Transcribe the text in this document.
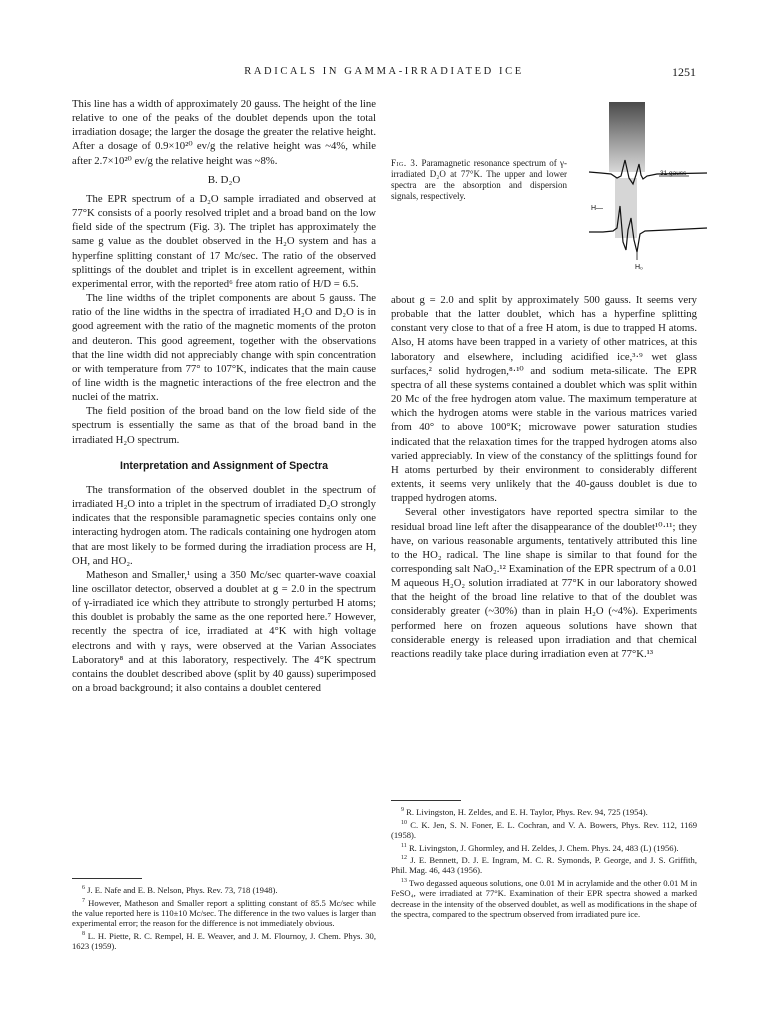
RADICALS IN GAMMA-IRRADIATED ICE	1251

This line has a width of approximately 20 gauss. The height of the line relative to one of the peaks of the doublet depends upon the total irradiation dosage; the larger the dosage the greater the relative height. After a dosage of 0.9×10²⁰ ev/g the relative height was ~4%, while after 2.7×10²⁰ ev/g the relative height was ~8%.

B. D₂O

The EPR spectrum of a D₂O sample irradiated and observed at 77°K consists of a poorly resolved triplet and a broad band on the low field side of the spectrum (Fig. 3). The triplet has approximately the same g value as the doublet observed in the H₂O system and has a hyperfine splitting constant of 17 Mc/sec. The ratio of the observed splittings of the doublet and triplet is in excellent agreement, within experimental error, with the reported⁶ free atom ratio of H/D = 6.5.

The line widths of the triplet components are about 5 gauss. The ratio of the line widths in the spectra of irradiated H₂O and D₂O is in good agreement with the ratio of the magnetic moments of the proton and deuteron. This good agreement, together with the observations that the line width did not appreciably change with spin concentration or with temperature from 77° to 107°K, indicates that the main cause of line width is the magnetic interactions of the free electron and the nuclei of the matrix.

The field position of the broad band on the low field side of the spectrum is essentially the same as that of the broad band in the irradiated H₂O spectrum.

Interpretation and Assignment of Spectra

The transformation of the observed doublet in the spectrum of irradiated H₂O into a triplet in the spectrum of irradiated D₂O strongly indicates that the responsible paramagnetic species contains only one interacting hydrogen atom. The radicals containing one hydrogen atom that are most likely to be formed during the irradiation process are H, OH, and HO₂.

Matheson and Smaller,¹ using a 350 Mc/sec quarter-wave coaxial line oscillator detector, observed a doublet at g = 2.0 in the spectrum of γ-irradiated ice which they attribute to strongly perturbed H atoms; this doublet is probably the same as the one reported here.⁷ However, recently the spectra of ice, irradiated at 4°K with high voltage electrons and with γ rays, were observed at the Varian Associates Laboratory⁸ and at this laboratory, respectively. The 4°K spectrum contains the doublet described above (split by 40 gauss) superimposed on a broad background; it also contains a doublet centered

Fig. 3. Paramagnetic resonance spectrum of γ-irradiated D₂O at 77°K. The upper and lower spectra are the absorption and dispersion signals, respectively.
31 gauss
H—
H₀

about g = 2.0 and split by approximately 500 gauss. It seems very probable that the latter doublet, which has a hyperfine splitting constant very close to that of a free H atom, is due to trapped H atoms. Also, H atoms have been trapped in a variety of other matrices, at this laboratory and elsewhere, including acidified ice,³·⁹ wet glass surfaces,² solid hydrogen,⁸·¹⁰ and sodium meta-silicate. The EPR spectra of all these systems contained a doublet which was split within 20 Mc of the free hydrogen atom value. The maximum temperature at which the hydrogen atoms were stable in the various matrices varied from 40° to above 100°K; microwave power saturation studies indicated that the relaxation times for the trapped hydrogen atoms also varied appreciably. In view of the constancy of the splittings found for H atoms perturbed by their environment to considerably different extents, it seems very unlikely that the 40-gauss doublet is due to trapped hydrogen atoms.

Several other investigators have reported spectra similar to the residual broad line left after the disappearance of the doublet¹⁰·¹¹; they have, on various reasonable arguments, tentatively attributed this line to the HO₂ radical. The line shape is similar to that found for the corresponding salt NaO₂.¹² Examination of the EPR spectrum of a 0.01 M aqueous H₂O₂ solution irradiated at 77°K in our laboratory showed that the height of the broad line relative to that of the doublet was considerably greater (~30%) than in plain H₂O (~4%). Experiments performed here on frozen aqueous solutions have shown that considerable energy is released upon irradiation and that chemical reactions readily take place during irradiation even at 77°K.¹³

$^6$ J. E. Nafe and E. B. Nelson, Phys. Rev. 73, 718 (1948).

$^7$ However, Matheson and Smaller report a splitting constant of 85.5 Mc/sec while the value reported here is 110±10 Mc/sec. The difference in the two values is larger than experimental error; the reason for the difference is not immediately obvious.

$^8$ L. H. Piette, R. C. Rempel, H. E. Weaver, and J. M. Flournoy, J. Chem. Phys. 30, 1623 (1959).

$^9$ R. Livingston, H. Zeldes, and E. H. Taylor, Phys. Rev. 94, 725 (1954).

$^{10}$ C. K. Jen, S. N. Foner, E. L. Cochran, and V. A. Bowers, Phys. Rev. 112, 1169 (1958).

$^{11}$ R. Livingston, J. Ghormley, and H. Zeldes, J. Chem. Phys. 24, 483 (L) (1956).

$^{12}$ J. E. Bennett, D. J. E. Ingram, M. C. R. Symonds, P. George, and J. S. Griffith, Phil. Mag. 46, 443 (1956).

$^{13}$ Two degassed aqueous solutions, one 0.01 M in acrylamide and the other 0.01 M in FeSO₄, were irradiated at 77°K. Examination of their EPR spectra showed a marked decrease in the intensity of the observed doublet, as well as modifications in the shape of the spectra, compared to the spectrum observed from irradiated pure ice.
